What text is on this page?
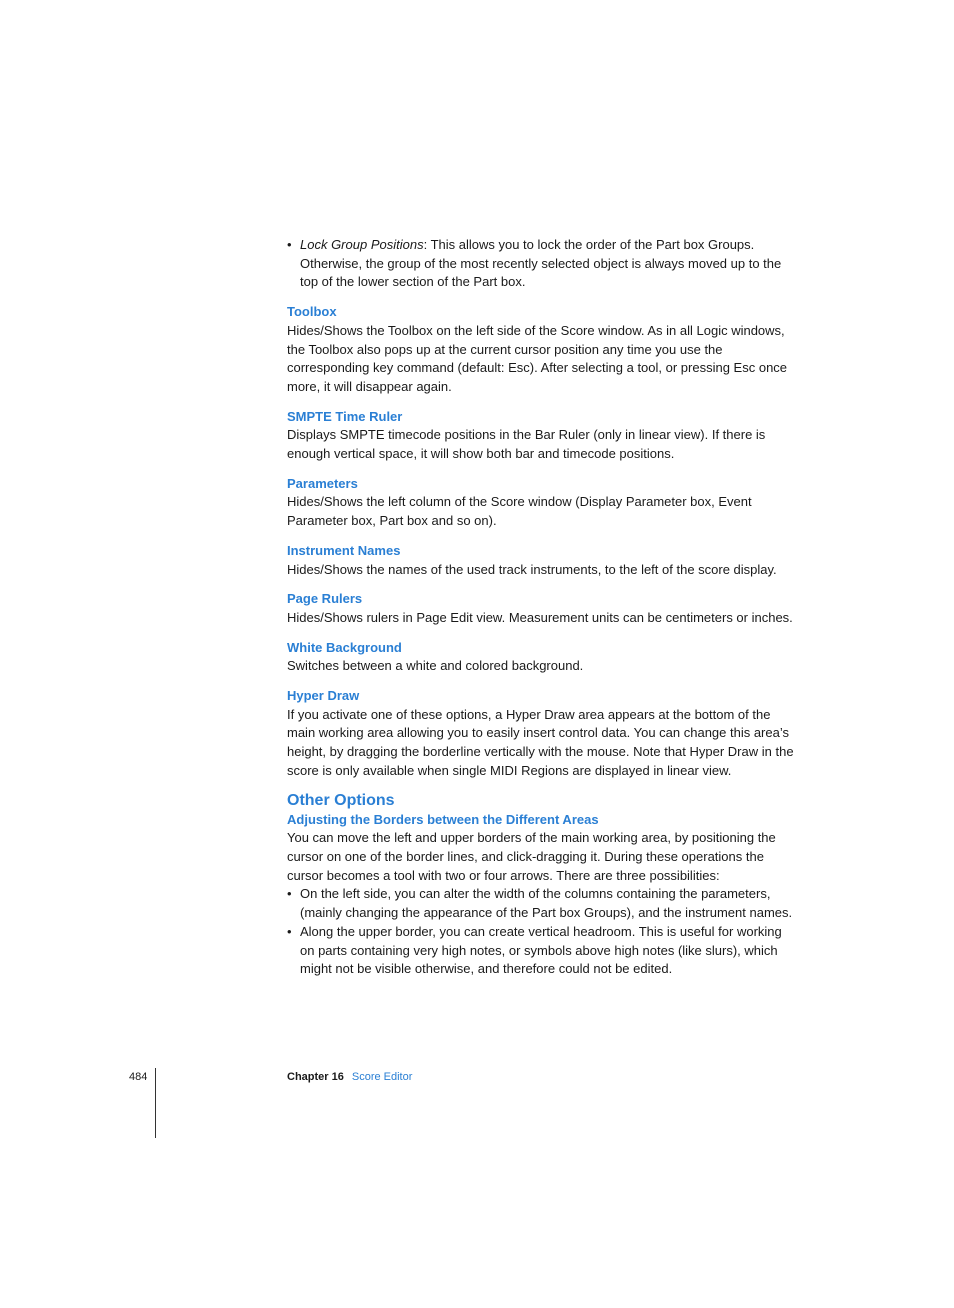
• Lock Group Positions: This allows you to lock the order of the Part box Groups. Otherwise, the group of the most recently selected object is always moved up to the top of the lower section of the Part box.

Toolbox

Hides/Shows the Toolbox on the left side of the Score window. As in all Logic windows, the Toolbox also pops up at the current cursor position any time you use the corresponding key command (default: Esc). After selecting a tool, or pressing Esc once more, it will disappear again.

SMPTE Time Ruler

Displays SMPTE timecode positions in the Bar Ruler (only in linear view). If there is enough vertical space, it will show both bar and timecode positions.

Parameters

Hides/Shows the left column of the Score window (Display Parameter box, Event Parameter box, Part box and so on).

Instrument Names

Hides/Shows the names of the used track instruments, to the left of the score display.

Page Rulers

Hides/Shows rulers in Page Edit view. Measurement units can be centimeters or inches.

White Background

Switches between a white and colored background.

Hyper Draw

If you activate one of these options, a Hyper Draw area appears at the bottom of the main working area allowing you to easily insert control data. You can change this area’s height, by dragging the borderline vertically with the mouse. Note that Hyper Draw in the score is only available when single MIDI Regions are displayed in linear view.

Other Options
Adjusting the Borders between the Different Areas

You can move the left and upper borders of the main working area, by positioning the cursor on one of the border lines, and click-dragging it. During these operations the cursor becomes a tool with two or four arrows. There are three possibilities:

• On the left side, you can alter the width of the columns containing the parameters, (mainly changing the appearance of the Part box Groups), and the instrument names.

• Along the upper border, you can create vertical headroom. This is useful for working on parts containing very high notes, or symbols above high notes (like slurs), which might not be visible otherwise, and therefore could not be edited.

484	Chapter 16 Score Editor
